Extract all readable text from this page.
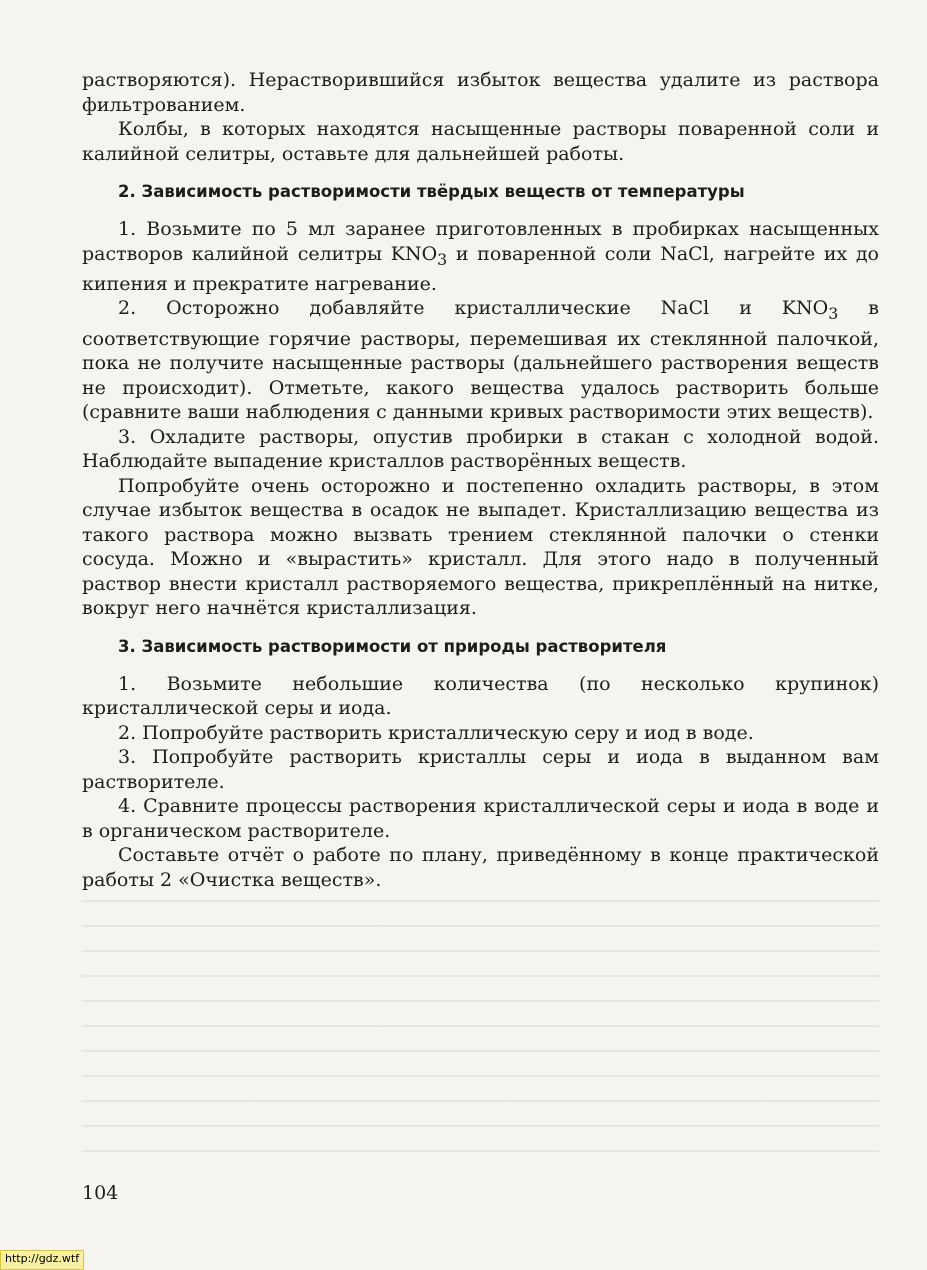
растворяются). Нерастворившийся избыток вещества удалите из раствора фильтрованием.

Колбы, в которых находятся насыщенные растворы поваренной соли и калийной селитры, оставьте для дальнейшей работы.

2. Зависимость растворимости твёрдых веществ от температуры

1. Возьмите по 5 мл заранее приготовленных в пробирках насыщенных растворов калийной селитры $KNO_3$ и поваренной соли NaCl, нагрейте их до кипения и прекратите нагревание.

2. Осторожно добавляйте кристаллические NaCl и $KNO_3$ в соответствующие горячие растворы, перемешивая их стеклянной палочкой, пока не получите насыщенные растворы (дальнейшего растворения веществ не происходит). Отметьте, какого вещества удалось растворить больше (сравните ваши наблюдения с данными кривых растворимости этих веществ).

3. Охладите растворы, опустив пробирки в стакан с холодной водой. Наблюдайте выпадение кристаллов растворённых веществ.

Попробуйте очень осторожно и постепенно охладить растворы, в этом случае избыток вещества в осадок не выпадет. Кристаллизацию вещества из такого раствора можно вызвать трением стеклянной палочки о стенки сосуда. Можно и «вырастить» кристалл. Для этого надо в полученный раствор внести кристалл растворяемого вещества, прикреплённый на нитке, вокруг него начнётся кристаллизация.

3. Зависимость растворимости от природы растворителя

1. Возьмите небольшие количества (по несколько крупинок) кристаллической серы и иода.

2. Попробуйте растворить кристаллическую серу и иод в воде.

3. Попробуйте растворить кристаллы серы и иода в выданном вам растворителе.

4. Сравните процессы растворения кристаллической серы и иода в воде и в органическом растворителе.

Составьте отчёт о работе по плану, приведённому в конце практической работы 2 «Очистка веществ».

104
http://gdz.wtf
